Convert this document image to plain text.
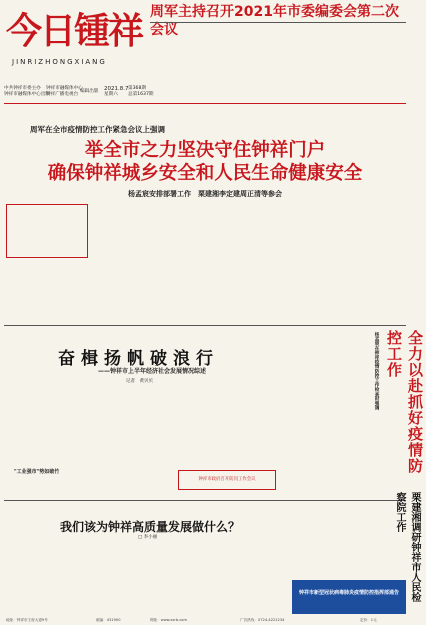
今日锺祥
JINRIZHONGXIANG
中共钟祥市委主办
钟祥市融媒体中心出版
钟祥市融媒体中心
钟祥广播电视台
编辑出版 2021.8.7
星期六
第368期
总第1637期
周军主持召开2021年市委编委会第二次会议
周军在全市疫情防控工作紧急会议上强调
举全市之力坚决守住钟祥门户
确保钟祥城乡安全和人民生命健康安全
杨孟宸安排部署工作　栗建湘李定建周正清等参会
奋楫扬帆破浪行
——钟祥市上半年经济社会发展情况综述
记者　黄贝贝
"工业强市"势如破竹
钟祥市政府召开防汛工作会议
全力以赴抓好疫情防控工作
杨孟宸在钟祥疫情防控工作检查时强调
我们该为钟祥高质量发展做什么？
□ 李小丽	栗建湘调研钟祥市人民检察院工作
钟祥市新型冠状病毒肺炎疫情防控指挥部通告
地址：钟祥市王府大道9号	邮编：431900	网址：www.zxrb.com	广告热线：0724-4221234	定价：1元
